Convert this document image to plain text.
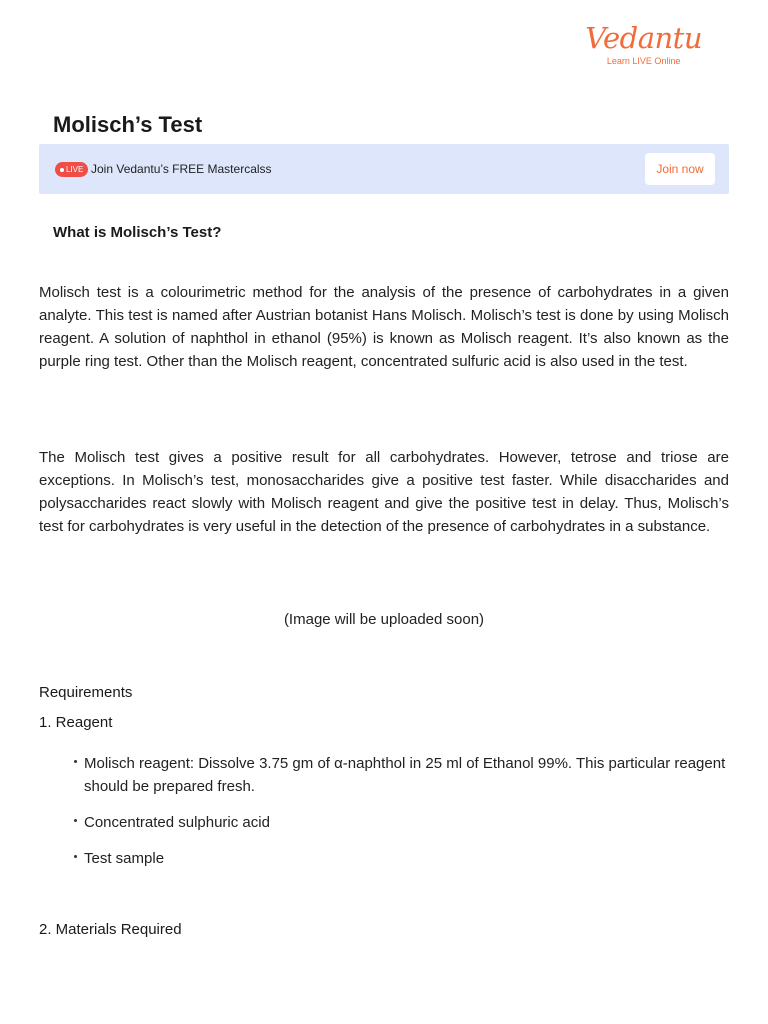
Vedantu
Learn LIVE Online
Molisch’s Test
LIVE Join Vedantu’s FREE Mastercalss	Join now
What is Molisch’s Test?

Molisch test is a colourimetric method for the analysis of the presence of carbohydrates in a given analyte. This test is named after Austrian botanist Hans Molisch. Molisch’s test is done by using Molisch reagent. A solution of naphthol in ethanol (95%) is known as Molisch reagent. It’s also known as the purple ring test. Other than the Molisch reagent, concentrated sulfuric acid is also used in the test.

The Molisch test gives a positive result for all carbohydrates. However, tetrose and triose are exceptions. In Molisch’s test, monosaccharides give a positive test faster. While disaccharides and polysaccharides react slowly with Molisch reagent and give the positive test in delay. Thus, Molisch’s test for carbohydrates is very useful in the detection of the presence of carbohydrates in a substance.

(Image will be uploaded soon)
Requirements
1. Reagent
Molisch reagent: Dissolve 3.75 gm of α-naphthol in 25 ml of Ethanol 99%. This particular reagent should be prepared fresh.
Concentrated sulphuric acid
Test sample
2. Materials Required
